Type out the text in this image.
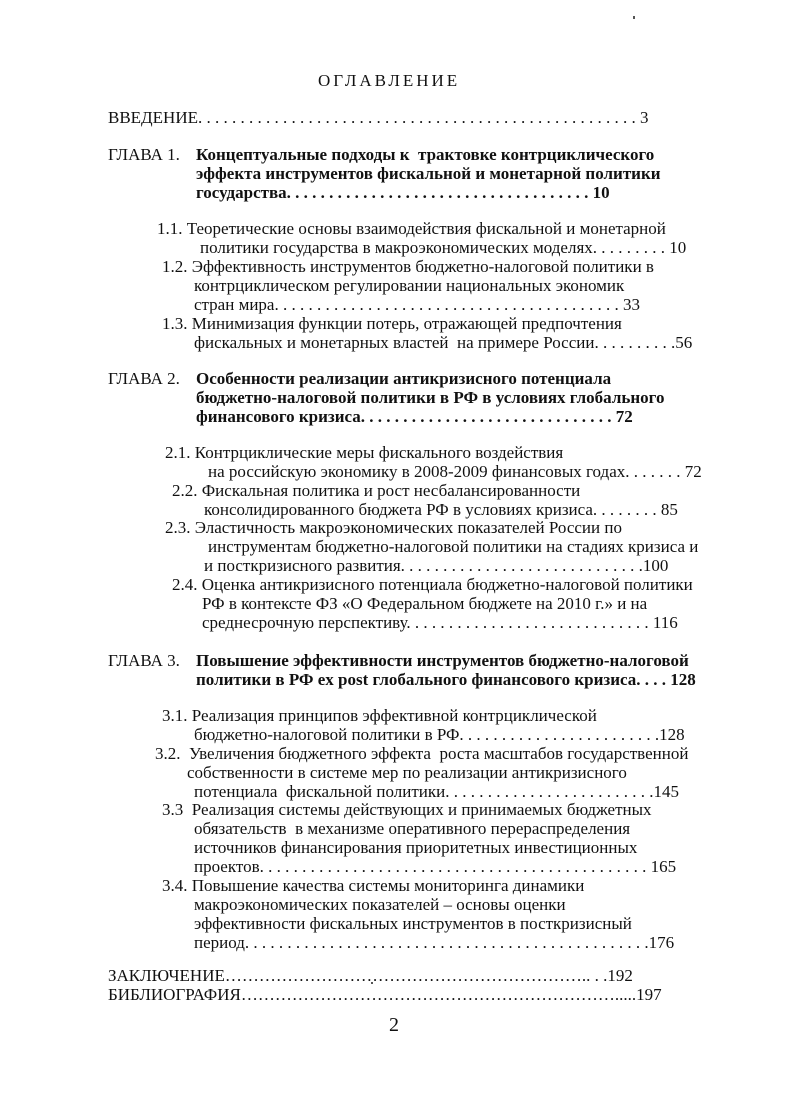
ОГЛАВЛЕНИЕ
ВВЕДЕНИЕ. . . . . . . . . . . . . . . . . . . . . . . . . . . . . . . . . . . . . . . . . . . . . . . . . . . . 3
ГЛАВА 1. Концептуальные подходы к  трактовке контрциклического
эффекта инструментов фискальной и монетарной политики
государства. . . . . . . . . . . . . . . . . . . . . . . . . . . . . . . . . . . . 10
1.1. Теоретические основы взаимодействия фискальной и монетарной
политики государства в макроэкономических моделях. . . . . . . . . 10
1.2. Эффективность инструментов бюджетно-налоговой политики в
контрциклическом регулировании национальных экономик
стран мира. . . . . . . . . . . . . . . . . . . . . . . . . . . . . . . . . . . . . . . . . 33
1.3. Минимизация функции потерь, отражающей предпочтения
фискальных и монетарных властей  на примере России. . . . . . . . . .56
ГЛАВА 2. Особенности реализации антикризисного потенциала
бюджетно-налоговой политики в РФ в условиях глобального
финансового кризиса. . . . . . . . . . . . . . . . . . . . . . . . . . . . . . 72
2.1. Контрциклические меры фискального воздействия
на российскую экономику в 2008-2009 финансовых годах. . . . . . . 72
2.2. Фискальная политика и рост несбалансированности
консолидированного бюджета РФ в условиях кризиса. . . . . . . . 85
2.3. Эластичность макроэкономических показателей России по
инструментам бюджетно-налоговой политики на стадиях кризиса и
и посткризисного развития. . . . . . . . . . . . . . . . . . . . . . . . . . . . .100
2.4. Оценка антикризисного потенциала бюджетно-налоговой политики
РФ в контексте ФЗ «О Федеральном бюджете на 2010 г.» и на
среднесрочную перспективу. . . . . . . . . . . . . . . . . . . . . . . . . . . . . 116
ГЛАВА 3. Повышение эффективности инструментов бюджетно-налоговой
политики в РФ ex post глобального финансового кризиса. . . . 128
3.1. Реализация принципов эффективной контрциклической
бюджетно-налоговой политики в РФ. . . . . . . . . . . . . . . . . . . . . . . .128
3.2.  Увеличения бюджетного эффекта  роста масштабов государственной
собственности в системе мер по реализации антикризисного
потенциала  фискальной политики. . . . . . . . . . . . . . . . . . . . . . . . .145
3.3  Реализация системы действующих и принимаемых бюджетных
обязательств  в механизме оперативного перераспределения
источников финансирования приоритетных инвестиционных
проектов. . . . . . . . . . . . . . . . . . . . . . . . . . . . . . . . . . . . . . . . . . . . . . 165
3.4. Повышение качества системы мониторинга динамики
макроэкономических показателей – основы оценки
эффективности фискальных инструментов в посткризисный
период. . . . . . . . . . . . . . . . . . . . . . . . . . . . . . . . . . . . . . . . . . . . . . . .176
ЗАКЛЮЧЕНИЕ……………………………………………………….. . .192
БИБЛИОГРАФИЯ………………………………………………………….....197
2
